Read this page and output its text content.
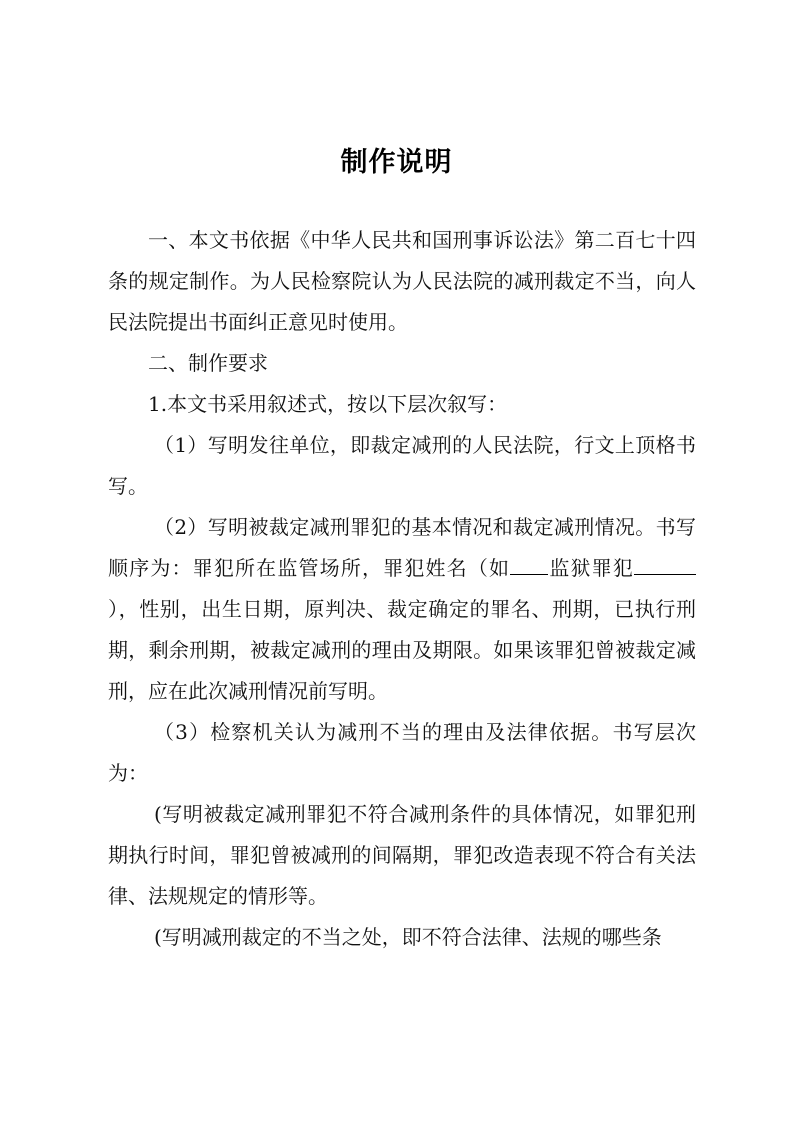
制作说明

一、本文书依据《中华人民共和国刑事诉讼法》第二百七十四条的规定制作。为人民检察院认为人民法院的减刑裁定不当，向人民法院提出书面纠正意见时使用。

二、制作要求

1.本文书采用叙述式，按以下层次叙写：

（1）写明发往单位，即裁定减刑的人民法院，行文上顶格书写。

（2）写明被裁定减刑罪犯的基本情况和裁定减刑情况。书写顺序为：罪犯所在监管场所，罪犯姓名（如 监狱罪犯），性别，出生日期，原判决、裁定确定的罪名、刑期，已执行刑期，剩余刑期，被裁定减刑的理由及期限。如果该罪犯曾被裁定减刑，应在此次减刑情况前写明。

（3）检察机关认为减刑不当的理由及法律依据。书写层次为：

(写明被裁定减刑罪犯不符合减刑条件的具体情况，如罪犯刑期执行时间，罪犯曾被减刑的间隔期，罪犯改造表现不符合有关法律、法规规定的情形等。

(写明减刑裁定的不当之处，即不符合法律、法规的哪些条
